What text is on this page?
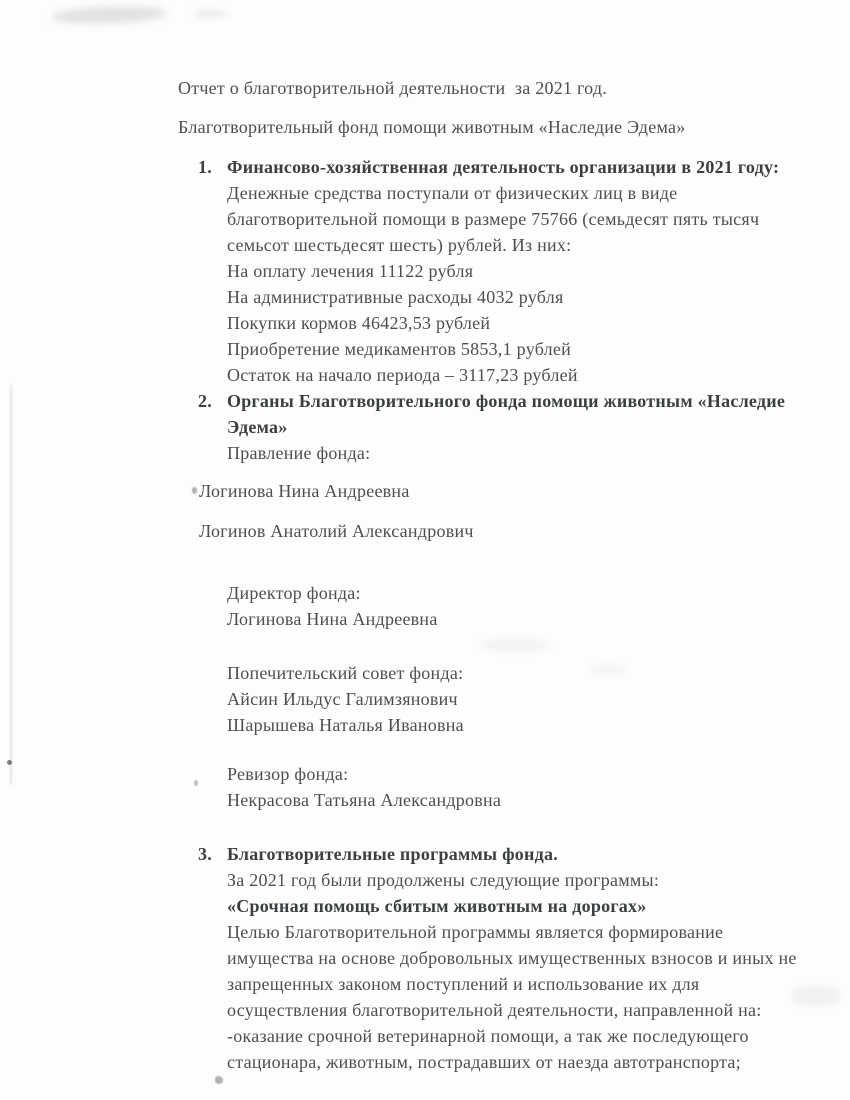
Отчет о благотворительной деятельности  за 2021 год.
Благотворительный фонд помощи животным «Наследие Эдема»
1. Финансово-хозяйственная деятельность организации в 2021 году:
Денежные средства поступали от физических лиц в виде
благотворительной помощи в размере 75766 (семьдесят пять тысяч
семьсот шестьдесят шесть) рублей. Из них:
На оплату лечения 11122 рубля
На административные расходы 4032 рубля
Покупки кормов 46423,53 рублей
Приобретение медикаментов 5853,1 рублей
Остаток на начало периода – 3117,23 рублей
2. Органы Благотворительного фонда помощи животным «Наследие Эдема»
Правление фонда:
Логинова Нина Андреевна
Логинов Анатолий Александрович
Директор фонда:
Логинова Нина Андреевна
Попечительский совет фонда:
Айсин Ильдус Галимзянович
Шарышева Наталья Ивановна
Ревизор фонда:
Некрасова Татьяна Александровна
3. Благотворительные программы фонда.
За 2021 год были продолжены следующие программы:
«Срочная помощь сбитым животным на дорогах»
Целью Благотворительной программы является формирование
имущества на основе добровольных имущественных взносов и иных не
запрещенных законом поступлений и использование их для
осуществления благотворительной деятельности, направленной на:
-оказание срочной ветеринарной помощи, а так же последующего
стационара, животным, пострадавших от наезда автотранспорта;
